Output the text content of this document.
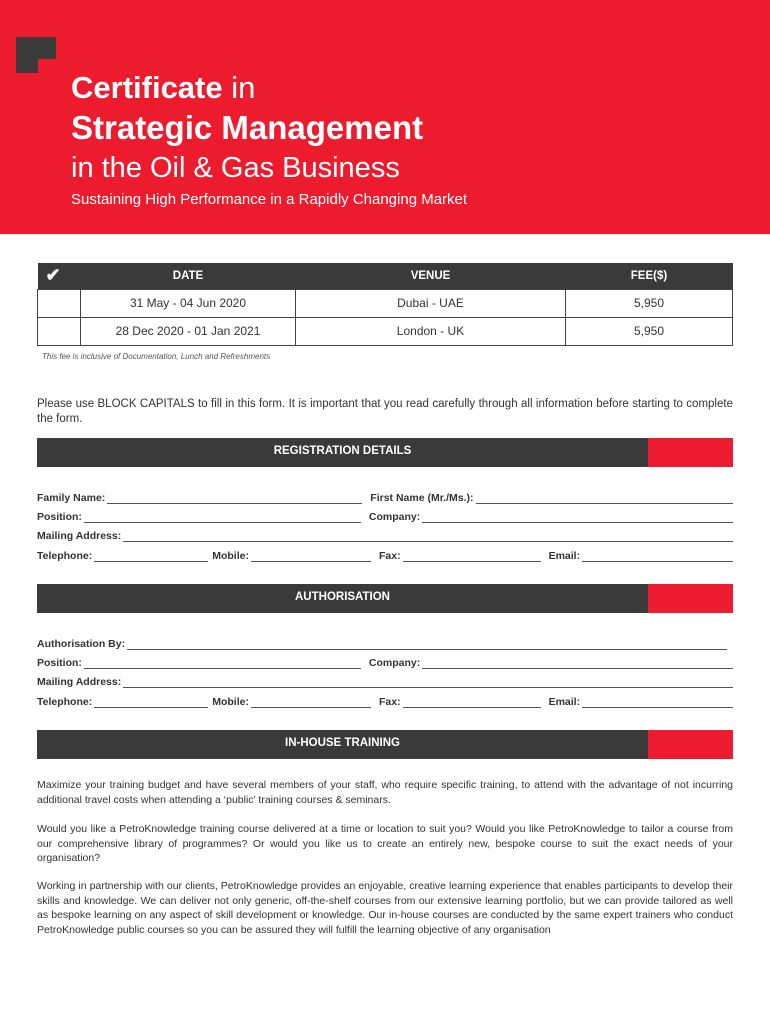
Certificate in
Strategic Management
in the Oil & Gas Business
Sustaining High Performance in a Rapidly Changing Market
✔	DATE	VENUE	FEE($)
	31 May - 04 Jun 2020	Dubai - UAE	5,950
	28 Dec 2020 - 01 Jan 2021	London - UK	5,950
This fee is inclusive of Documentation, Lunch and Refreshments
Please use BLOCK CAPITALS to fill in this form. It is important that you read carefully through all information before starting to complete the form.
REGISTRATION DETAILS
Family Name:	First Name (Mr./Ms.):
Position:	Company:
Mailing Address:
Telephone:	Mobile:	Fax:	Email:
AUTHORISATION
Authorisation By:
Position:	Company:
Mailing Address:
Telephone:	Mobile:	Fax:	Email:
IN-HOUSE TRAINING
Maximize your training budget and have several members of your staff, who require specific training, to attend with the advantage of not incurring additional travel costs when attending a ‘public’ training courses & seminars.
Would you like a PetroKnowledge training course delivered at a time or location to suit you? Would you like PetroKnowledge to tailor a course from our comprehensive library of programmes? Or would you like us to create an entirely new, bespoke course to suit the exact needs of your organisation?
Working in partnership with our clients, PetroKnowledge provides an enjoyable, creative learning experience that enables participants to develop their skills and knowledge. We can deliver not only generic, off-the-shelf courses from our extensive learning portfolio, but we can provide tailored as well as bespoke learning on any aspect of skill development or knowledge. Our in-house courses are conducted by the same expert trainers who conduct PetroKnowledge public courses so you can be assured they will fulfill the learning objective of any organisation
